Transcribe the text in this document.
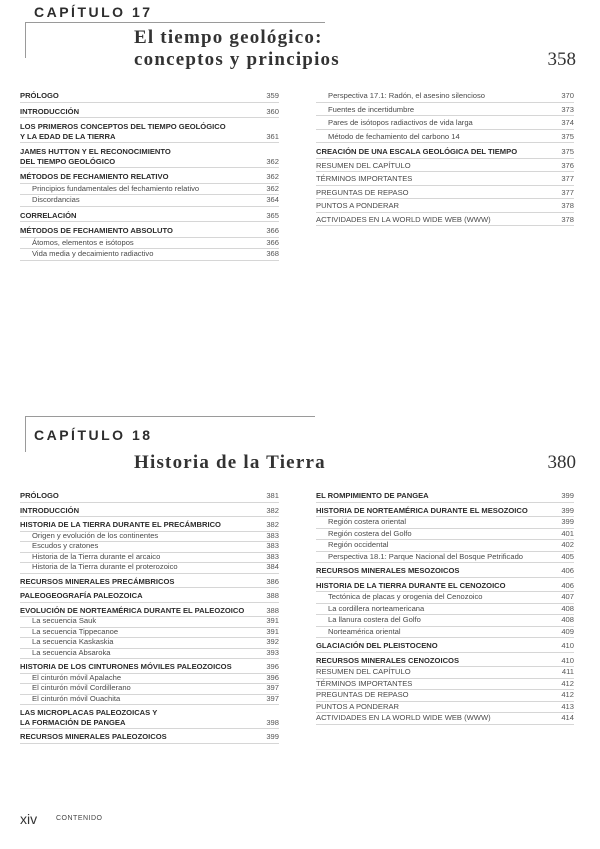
CAPÍTULO 17
El tiempo geológico:
conceptos y principios	358
PRÓLOGO	359
INTRODUCCIÓN	360
LOS PRIMEROS CONCEPTOS DEL TIEMPO GEOLÓGICO
Y LA EDAD DE LA TIERRA	361
JAMES HUTTON Y EL RECONOCIMIENTO
DEL TIEMPO GEOLÓGICO	362
MÉTODOS DE FECHAMIENTO RELATIVO	362
Principios fundamentales del fechamiento relativo	362
Discordancias	364
CORRELACIÓN	365
MÉTODOS DE FECHAMIENTO ABSOLUTO	366
Átomos, elementos e isótopos	366
Vida media y decaimiento radiactivo	368
Perspectiva 17.1: Radón, el asesino silencioso	370
Fuentes de incertidumbre	373
Pares de isótopos radiactivos de vida larga	374
Método de fechamiento del carbono 14	375
CREACIÓN DE UNA ESCALA GEOLÓGICA DEL TIEMPO	375
RESUMEN DEL CAPÍTULO	376
TÉRMINOS IMPORTANTES	377
PREGUNTAS DE REPASO	377
PUNTOS A PONDERAR	378
ACTIVIDADES EN LA WORLD WIDE WEB (WWW)	378
CAPÍTULO 18
Historia de la Tierra	380
PRÓLOGO	381
INTRODUCCIÓN	382
HISTORIA DE LA TIERRA DURANTE EL PRECÁMBRICO	382
Origen y evolución de los continentes	383
Escudos y cratones	383
Historia de la Tierra durante el arcaico	383
Historia de la Tierra durante el proterozoico	384
RECURSOS MINERALES PRECÁMBRICOS	386
PALEOGEOGRAFÍA PALEOZOICA	388
EVOLUCIÓN DE NORTEAMÉRICA DURANTE EL PALEOZOICO	388
La secuencia Sauk	391
La secuencia Tippecanoe	391
La secuencia Kaskaskia	392
La secuencia Absaroka	393
HISTORIA DE LOS CINTURONES MÓVILES PALEOZOICOS	396
El cinturón móvil Apalache	396
El cinturón móvil Cordillerano	397
El cinturón móvil Ouachita	397
LAS MICROPLACAS PALEOZOICAS Y
LA FORMACIÓN DE PANGEA	398
RECURSOS MINERALES PALEOZOICOS	399
EL ROMPIMIENTO DE PANGEA	399
HISTORIA DE NORTEAMÉRICA DURANTE EL MESOZOICO	399
Región costera oriental	399
Región costera del Golfo	401
Región occidental	402
Perspectiva 18.1: Parque Nacional del Bosque Petrificado	405
RECURSOS MINERALES MESOZOICOS	406
HISTORIA DE LA TIERRA DURANTE EL CENOZOICO	406
Tectónica de placas y orogenia del Cenozoico	407
La cordillera norteamericana	408
La llanura costera del Golfo	408
Norteamérica oriental	409
GLACIACIÓN DEL PLEISTOCENO	410
RECURSOS MINERALES CENOZOICOS	410
RESUMEN DEL CAPÍTULO	411
TÉRMINOS IMPORTANTES	412
PREGUNTAS DE REPASO	412
PUNTOS A PONDERAR	413
ACTIVIDADES EN LA WORLD WIDE WEB (WWW)	414
xiv	CONTENIDO
